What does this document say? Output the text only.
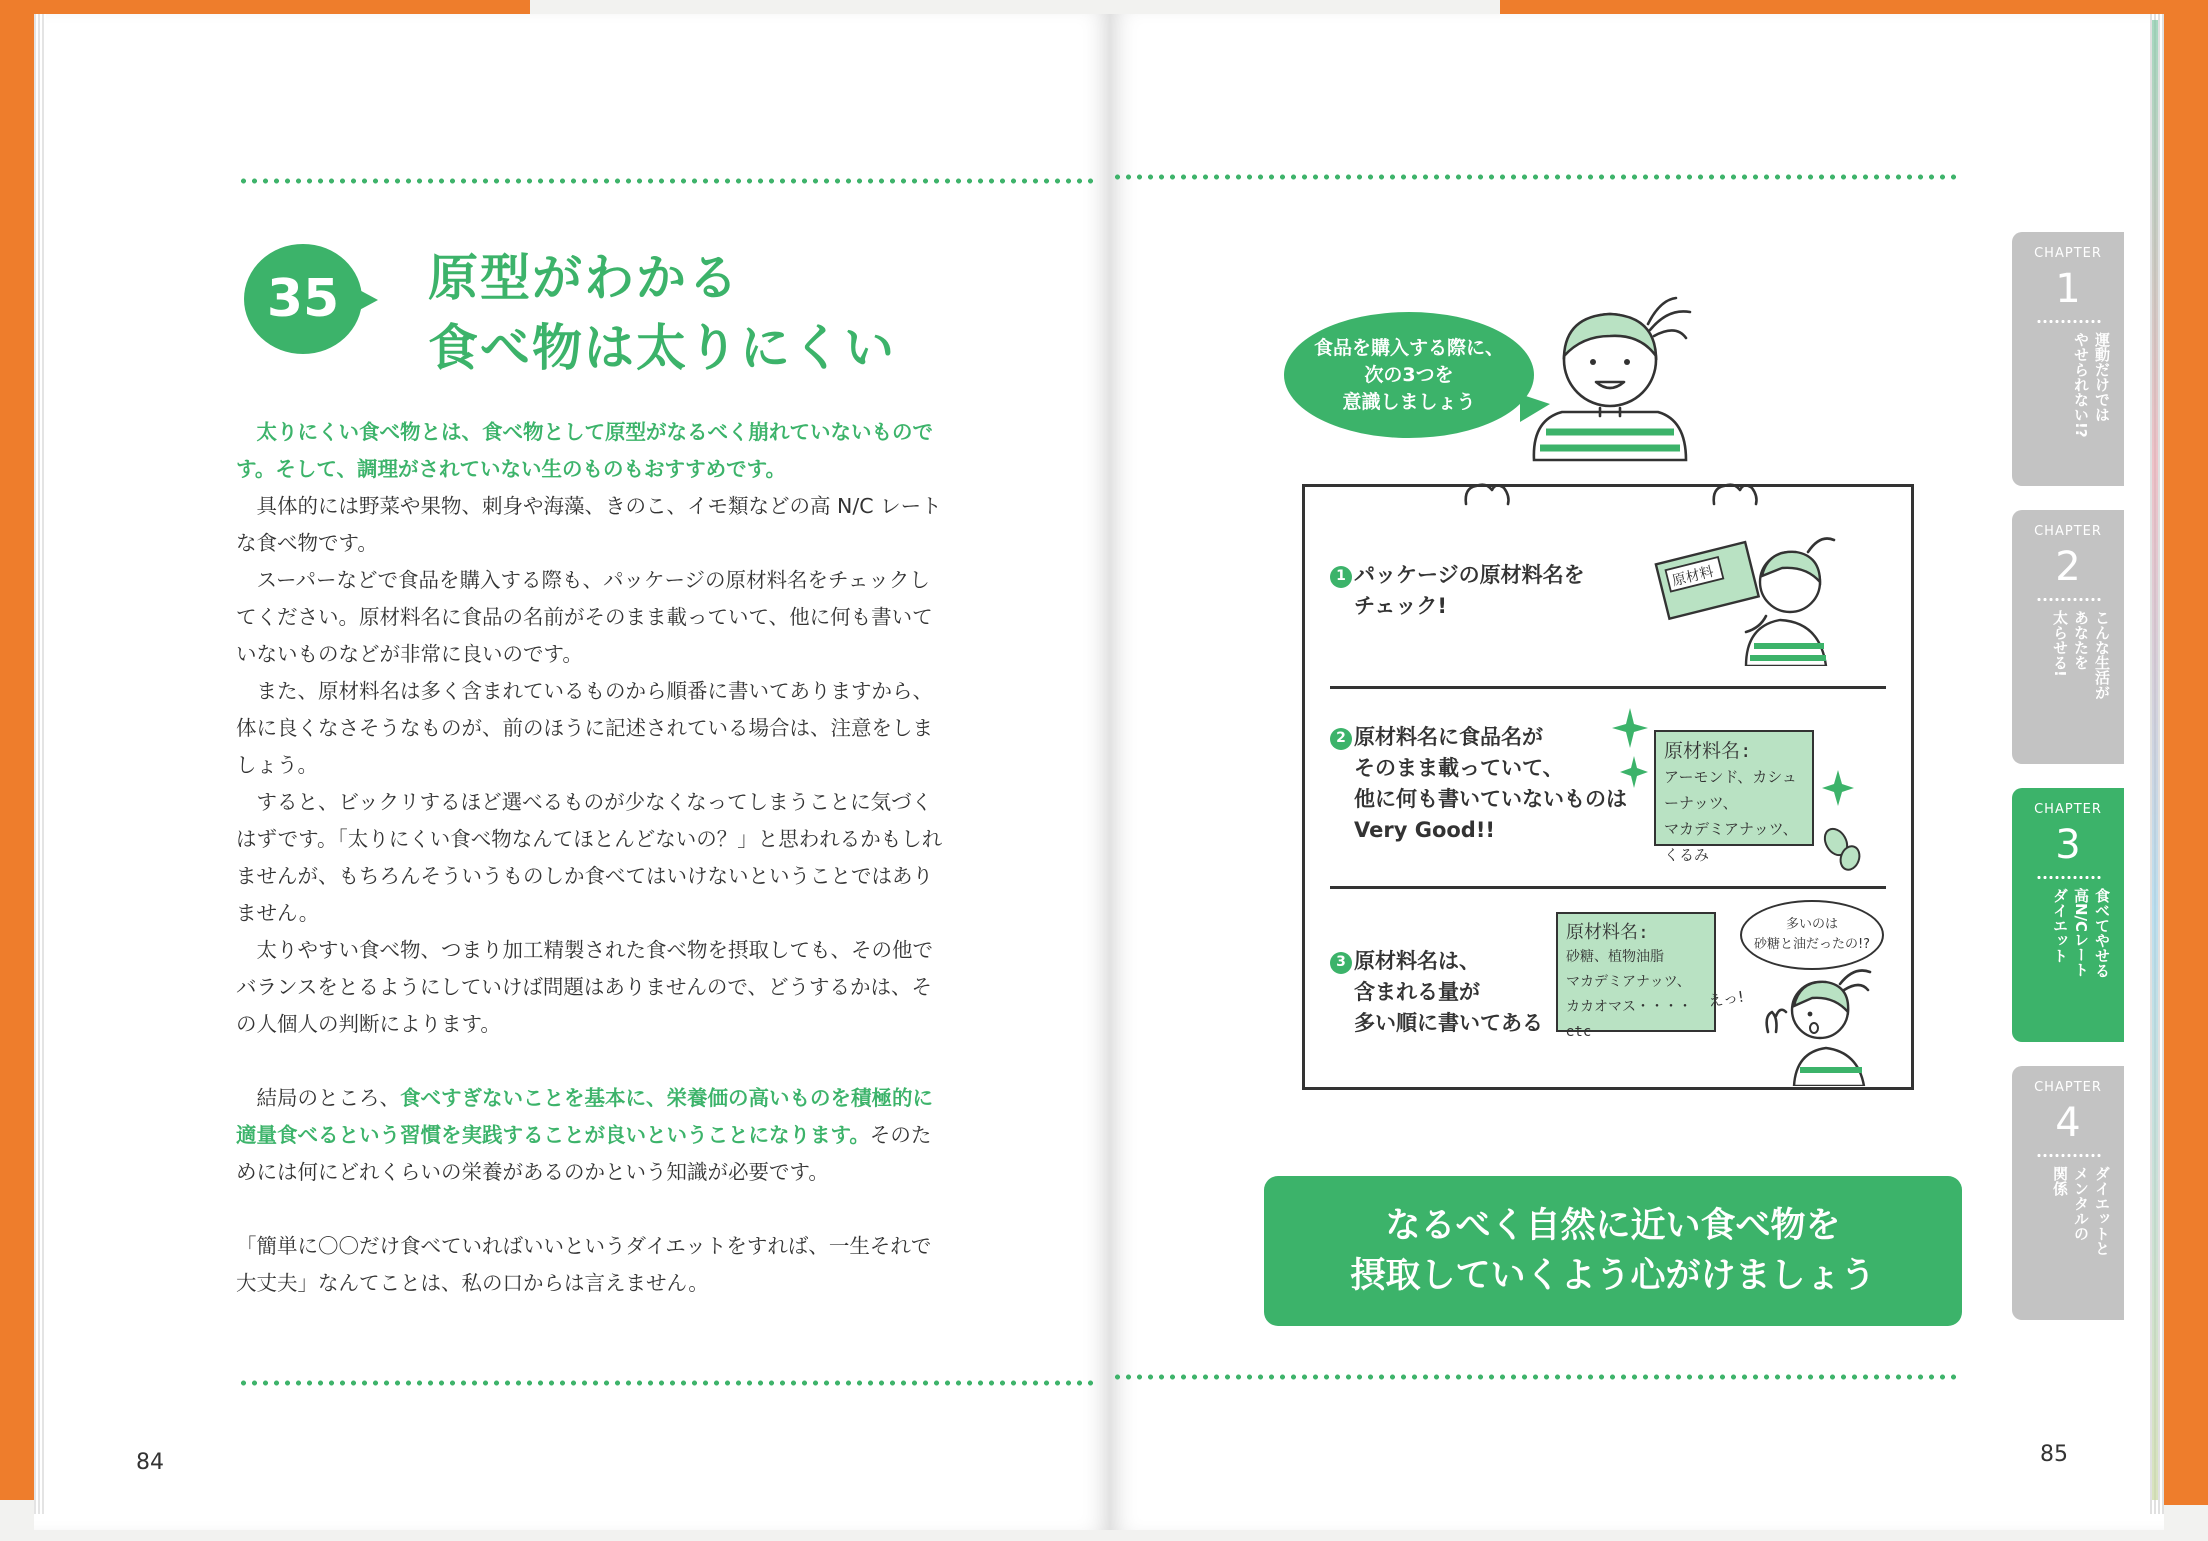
35 原型がわかる
食べ物は太りにくい

太りにくい食べ物とは、食べ物として原型がなるべく崩れていないものです。そして、調理がされていない生のものもおすすめです。

具体的には野菜や果物、刺身や海藻、きのこ、イモ類などの高 N/C レートな食べ物です。

スーパーなどで食品を購入する際も、パッケージの原材料名をチェックしてください。原材料名に食品の名前がそのまま載っていて、他に何も書いていないものなどが非常に良いのです。

また、原材料名は多く含まれているものから順番に書いてありますから、体に良くなさそうなものが、前のほうに記述されている場合は、注意をしましょう。

すると、ビックリするほど選べるものが少なくなってしまうことに気づくはずです。「太りにくい食べ物なんてほとんどないの？」と思われるかもしれませんが、もちろんそういうものしか食べてはいけないということではありません。

太りやすい食べ物、つまり加工精製された食べ物を摂取しても、その他でバランスをとるようにしていけば問題はありませんので、どうするかは、その人個人の判断によります。

結局のところ、食べすぎないことを基本に、栄養価の高いものを積極的に適量食べるという習慣を実践することが良いということになります。そのためには何にどれくらいの栄養があるのかという知識が必要です。

「簡単に〇〇だけ食べていればいいというダイエットをすれば、一生それで大丈夫」なんてことは、私の口からは言えません。

84	85
食品を購入する際に、
次の3つを
意識しましょう
1 パッケージの原材料名を
チェック!
2 原材料名に食品名が
そのまま載っていて、
他に何も書いていないものは
Very Good!!
3 原材料名は、
含まれる量が
多い順に書いてある
原材料
原材料名:
アーモンド、カシューナッツ、
マカデミアナッツ、
くるみ
原材料名:
砂糖、植物油脂
マカデミアナッツ、
カカオマス・・・・etc
多いのは
砂糖と油だったの!?
えっ!
なるべく自然に近い食べ物を
摂取していくよう心がけましょう
CHAPTER
1
運動だけでは
やせられない!?
CHAPTER
2
こんな生活が
あなたを
太らせる!
CHAPTER
3
食べてやせる
高N/Cレート
ダイエット
CHAPTER
4
ダイエットと
メンタルの
関係
